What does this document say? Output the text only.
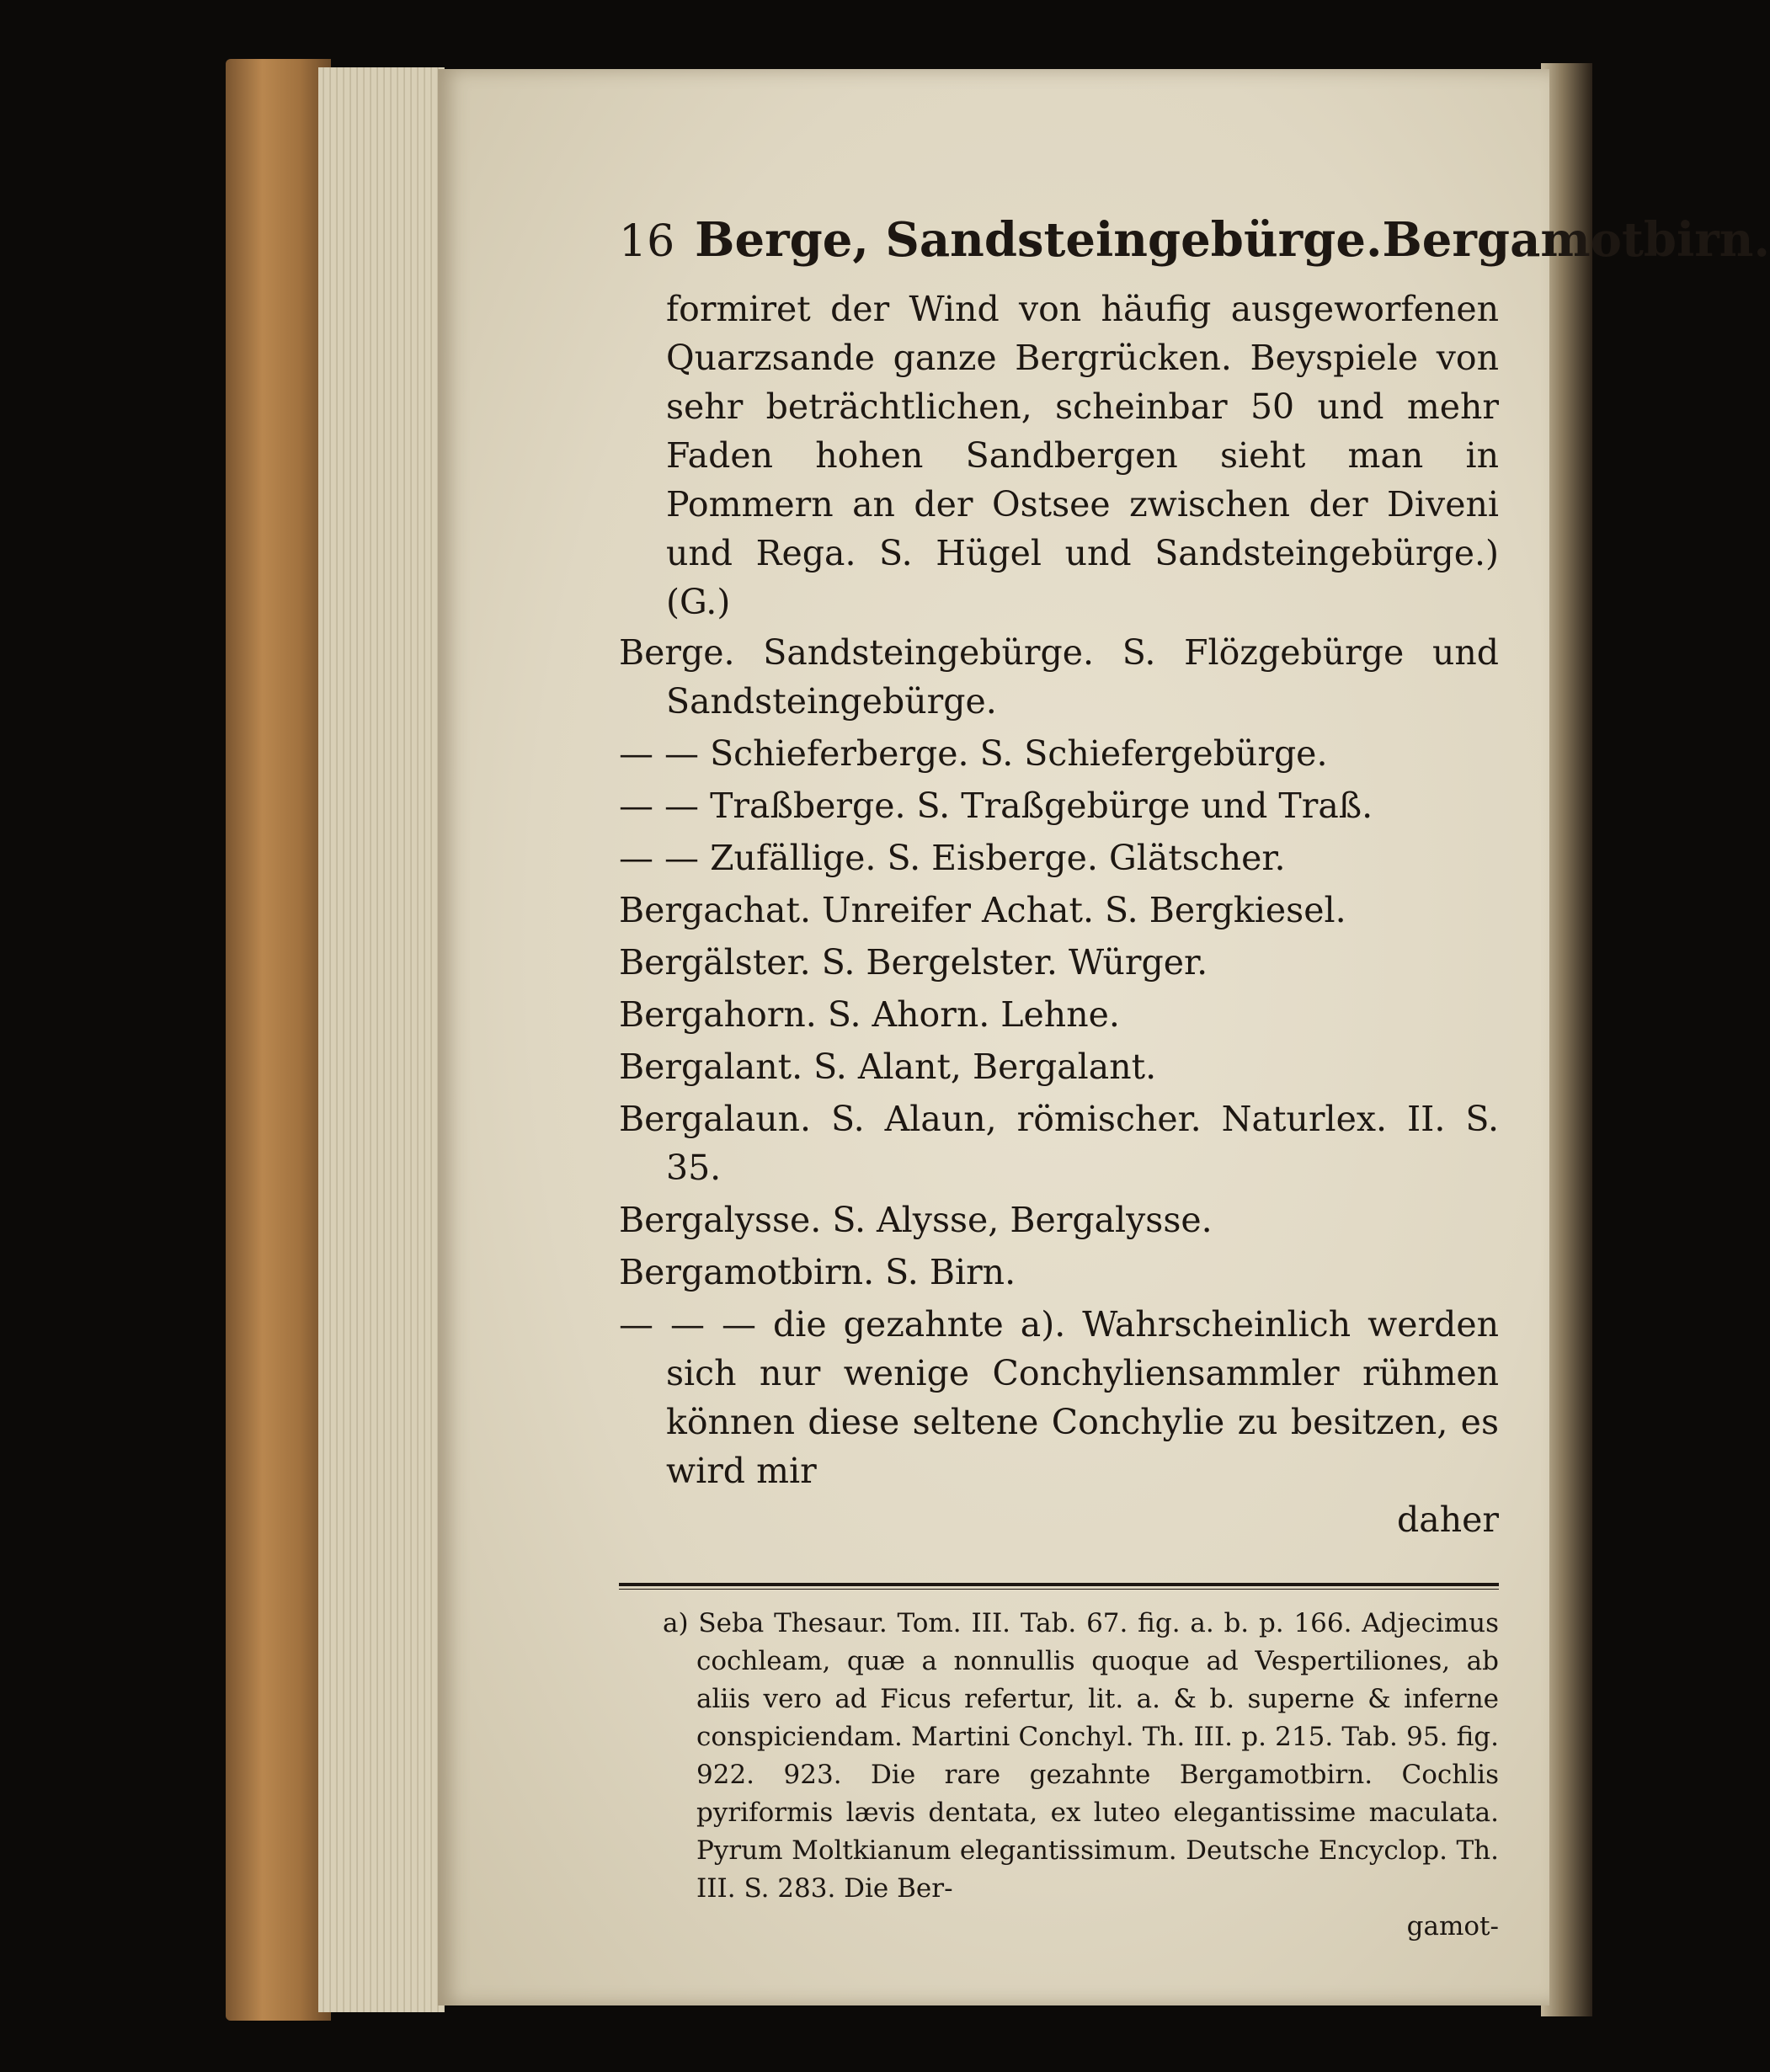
16 Berge, Sandsteingebürge. Bergamotbirn.
formiret der Wind von häufig ausgeworfenen Quarzsande ganze Bergrücken. Beyspiele von sehr beträchtlichen, scheinbar 50 und mehr Faden hohen Sandbergen sieht man in Pommern an der Ostsee zwischen der Diveni und Rega. S. Hügel und Sandsteingebürge.) (G.)
Berge. Sandsteingebürge. S. Flözgebürge und Sandsteingebürge.
— — Schieferberge. S. Schiefergebürge.
— — Traßberge. S. Traßgebürge und Traß.
— — Zufällige. S. Eisberge. Glätscher.
Bergachat. Unreifer Achat. S. Bergkiesel.
Bergälster. S. Bergelster. Würger.
Bergahorn. S. Ahorn. Lehne.
Bergalant. S. Alant, Bergalant.
Bergalaun. S. Alaun, römischer. Naturlex. II. S. 35.
Bergalysse. S. Alysse, Bergalysse.
Bergamotbirn. S. Birn.
— — — die gezahnte a). Wahrscheinlich werden sich nur wenige Conchyliensammler rühmen können diese seltene Conchylie zu besitzen, es wird mir
daher
a) Seba Thesaur. Tom. III. Tab. 67. fig. a. b. p. 166. Adjecimus cochleam, quæ a nonnullis quoque ad Vespertiliones, ab aliis vero ad Ficus refertur, lit. a. & b. superne & inferne conspiciendam. Martini Conchyl. Th. III. p. 215. Tab. 95. fig. 922. 923. Die rare gezahnte Bergamotbirn. Cochlis pyriformis lævis dentata, ex luteo elegantissime maculata. Pyrum Moltkianum elegantissimum. Deutsche Encyclop. Th. III. S. 283. Die Ber-
gamot-
